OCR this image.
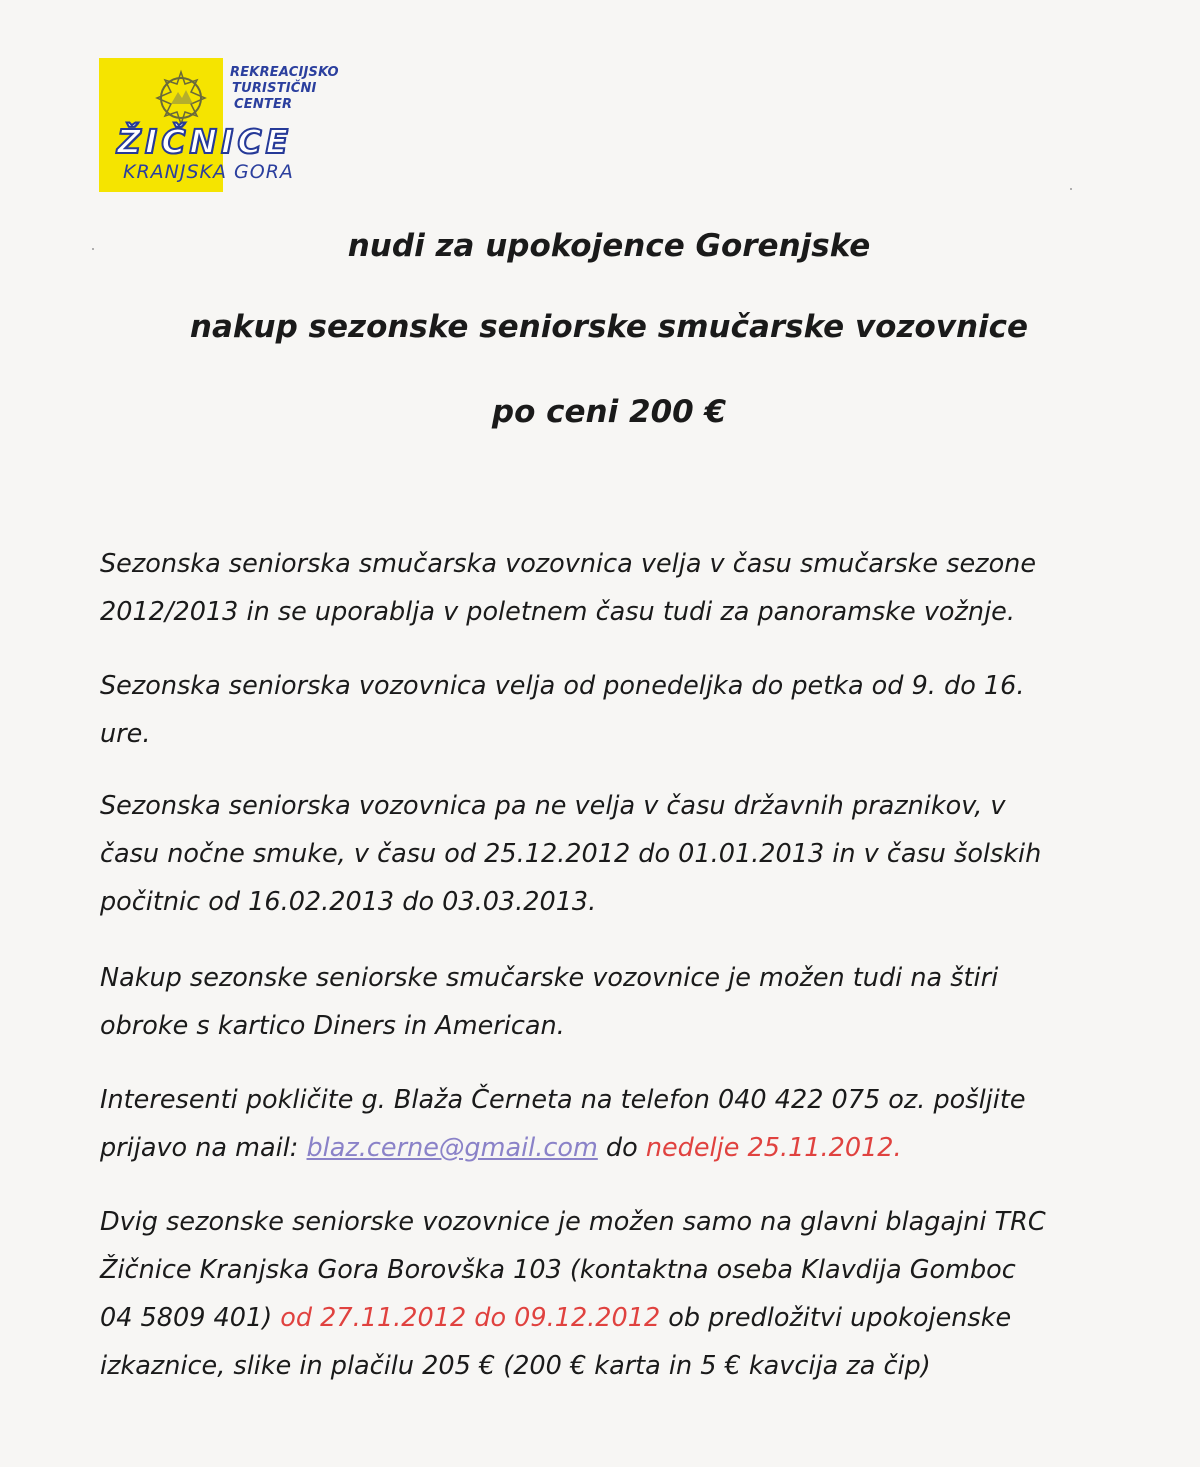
REKREACIJSKO
TURISTIČNI
CENTER
ŽIČNICE
KRANJSKA GORA
nudi za upokojence Gorenjske
nakup sezonske seniorske smučarske vozovnice
po ceni 200 €

Sezonska seniorska smučarska vozovnica velja v času smučarske sezone
2012/2013 in se uporablja v poletnem času tudi za panoramske vožnje.

Sezonska seniorska vozovnica velja od ponedeljka do petka od 9. do 16.
ure.

Sezonska seniorska vozovnica pa ne velja v času državnih praznikov, v
času nočne smuke, v času od 25.12.2012 do 01.01.2013 in v času šolskih
počitnic od 16.02.2013 do 03.03.2013.

Nakup sezonske seniorske smučarske vozovnice je možen tudi na štiri
obroke s kartico Diners in American.

Interesenti pokličite g. Blaža Černeta na telefon 040 422 075 oz. pošljite
prijavo na mail: blaz.cerne@gmail.com do nedelje 25.11.2012.

Dvig sezonske seniorske vozovnice je možen samo na glavni blagajni TRC
Žičnice Kranjska Gora Borovška 103 (kontaktna oseba Klavdija Gomboc
04 5809 401) od 27.11.2012 do 09.12.2012 ob predložitvi upokojenske
izkaznice, slike in plačilu 205 € (200 € karta in 5 € kavcija za čip)
